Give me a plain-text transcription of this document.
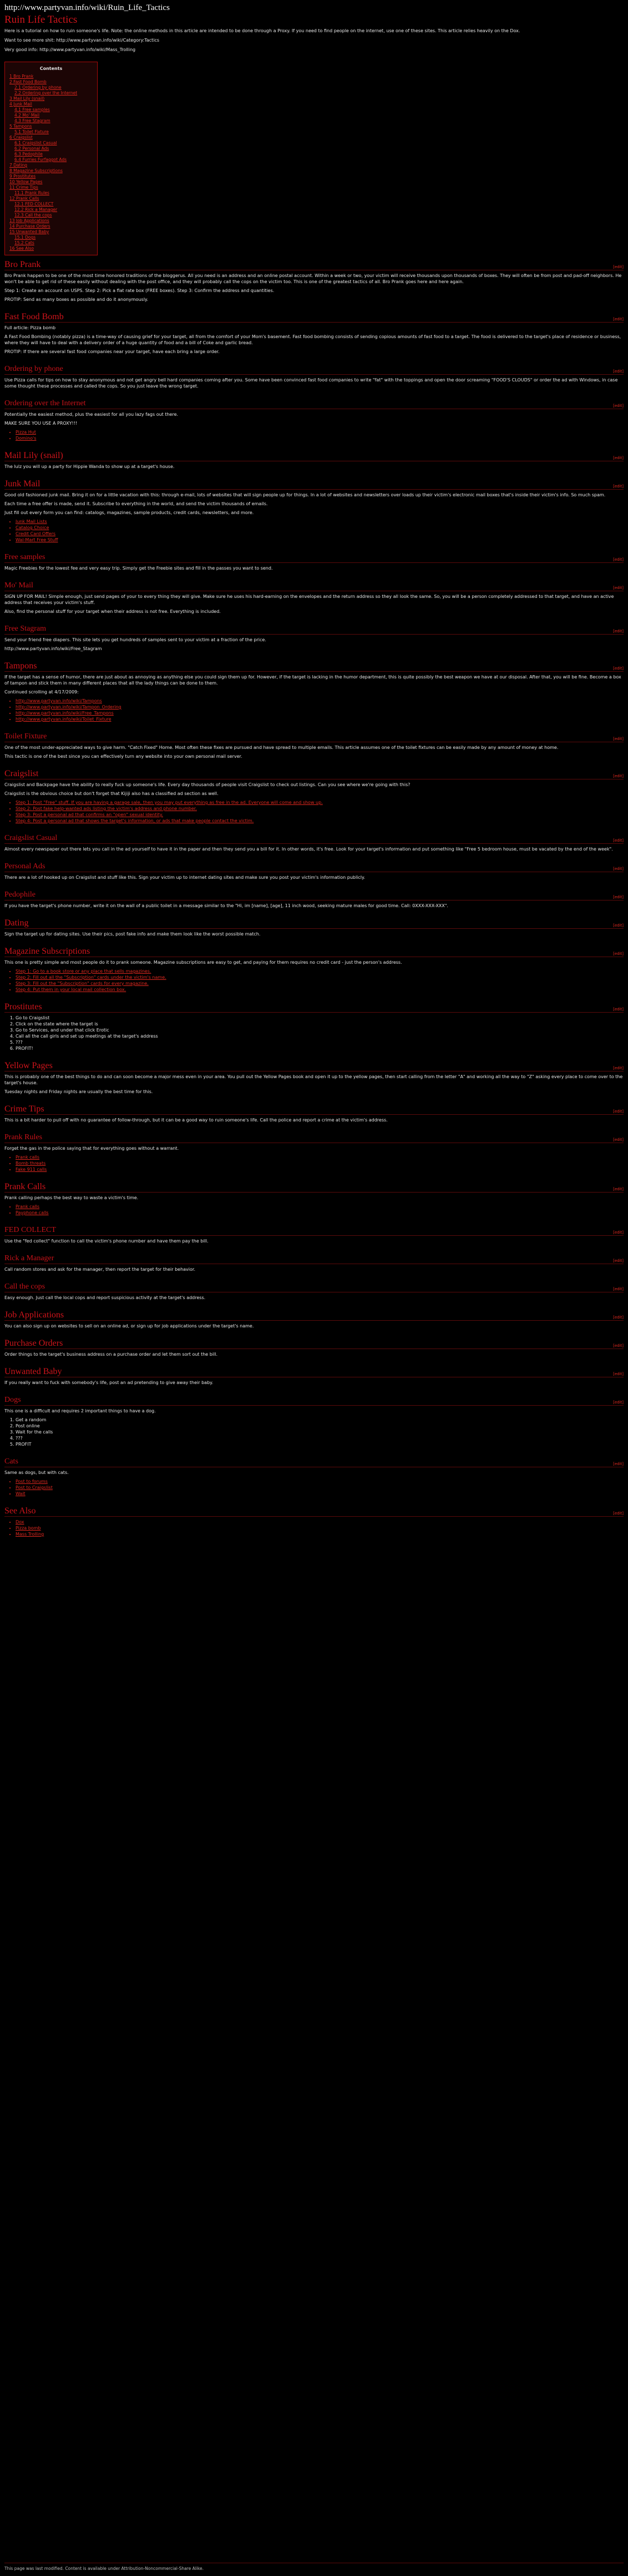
http://www.partyvan.info/wiki/Ruin_Life_Tactics
Ruin Life Tactics

Here is a tutorial on how to ruin someone's life. Note: the online methods in this article are intended to be done through a Proxy. If you need to find people on the internet, use one of these sites. This article relies heavily on the Dox.

Want to see more shit: http://www.partyvan.info/wiki/Category:Tactics

Very good info: http://www.partyvan.info/wiki/Mass_Trolling

Contents
1 Bro Prank
2 Fast Food Bomb
2.1 Ordering by phone
2.2 Ordering over the Internet
3 Mail Lily (snail)
4 Junk Mail
4.1 Free samples
4.2 Mo' Mail
4.3 Free Stagram
5 Tampons
5.1 Toilet Fixture
6 Craigslist
6.1 Craigslist Casual
6.2 Personal Ads
6.3 Pedophile
6.4 Furries Furfaggot Ads
7 Dating
8 Magazine Subscriptions
9 Prostitutes
10 Yellow Pages
11 Crime Tips
11.1 Prank Rules
12 Prank Calls
12.1 FED COLLECT
12.2 Rick a Manager
12.3 Call the cops
13 Job Applications
14 Purchase Orders
15 Unwanted Baby
15.1 Dogs
15.2 Cats
16 See Also
Bro Prank	[edit]

Bro Prank happen to be one of the most time honored traditions of the bloggerus. All you need is an address and an online postal account. Within a week or two, your victim will receive thousands upon thousands of boxes. They will often be from post and pad-off neighbors. He won't be able to get rid of these easily without dealing with the post office, and they will probably call the cops on the victim too. This is one of the greatest tactics of all. Bro Prank goes here and here again.

Step 1: Create an account on USPS. Step 2: Pick a flat rate box (FREE boxes). Step 3: Confirm the address and quantities.

PROTIP: Send as many boxes as possible and do it anonymously.

Fast Food Bomb	[edit]

Full article: Pizza bomb

A Fast Food Bombing (notably pizza) is a time-way of causing grief for your target, all from the comfort of your Mom's basement. Fast food bombing consists of sending copious amounts of fast food to a target. The food is delivered to the target's place of residence or business, where they will have to deal with a delivery order of a huge quantity of food and a bill of Coke and garlic bread.

PROTIP: If there are several fast food companies near your target, have each bring a large order.

Ordering by phone	[edit]

Use Pizza calls for tips on how to stay anonymous and not get angry bell hard companies coming after you. Some have been convinced fast food companies to write "fat" with the toppings and open the door screaming "FOOD'S CLOUDS" or order the ad with Windows, in case some thought these processes and called the cops. So you just leave the wrong target.

Ordering over the Internet	[edit]

Potentially the easiest method, plus the easiest for all you lazy fags out there.

MAKE SURE YOU USE A PROXY!!!

• Pizza Hut
• Domino's
Mail Lily (snail)	[edit]

The lulz you will up a party for Hippie Wanda to show up at a target's house.

Junk Mail	[edit]

Good old fashioned junk mail. Bring it on for a little vacation with this: through e-mail, lots of websites that will sign people up for things. In a lot of websites and newsletters over loads up their victim's electronic mail boxes that's inside their victim's info. So much spam.

Each time a free offer is made, send it. Subscribe to everything in the world, and send the victim thousands of emails.

Just fill out every form you can find: catalogs, magazines, sample products, credit cards, newsletters, and more.

• Junk Mail Lists
• Catalog Choice
• Credit Card Offers
• Wal-Mart Free Stuff
Free samples	[edit]

Magic Freebies for the lowest fee and very easy trip. Simply get the Freebie sites and fill in the passes you want to send.

Mo' Mail	[edit]

SIGN UP FOR MAIL! Simple enough, just send pages of your to every thing they will give. Make sure he uses his hard-earning on the envelopes and the return address so they all look the same. So, you will be a person completely addressed to that target, and have an active address that receives your victim's stuff.

Also, find the personal stuff for your target when their address is not free. Everything is included.

Free Stagram	[edit]

Send your friend free diapers. This site lets you get hundreds of samples sent to your victim at a fraction of the price.

http://www.partyvan.info/wiki/Free_Stagram

Tampons	[edit]

If the target has a sense of humor, there are just about as annoying as anything else you could sign them up for. However, if the target is lacking in the humor department, this is quite possibly the best weapon we have at our disposal. After that, you will be fine. Become a box of tampon and stick them in many different places that all the lady things can be done to them.

Continued scrolling at 4/17/2009:

• http://www.partyvan.info/wiki/Tampons
• http://www.partyvan.info/wiki/Tampon_Ordering
• http://www.partyvan.info/wiki/Free_Tampons
• http://www.partyvan.info/wiki/Toilet_Fixture
Toilet Fixture	[edit]

One of the most under-appreciated ways to give harm. "Catch Fixed" Home. Most often these fixes are pursued and have spread to multiple emails. This article assumes one of the toilet fixtures can be easily made by any amount of money at home.

This tactic is one of the best since you can effectively turn any website into your own personal mail server.

Craigslist	[edit]

Craigslist and Backpage have the ability to really fuck up someone's life. Every day thousands of people visit Craigslist to check out listings. Can you see where we're going with this?

Craigslist is the obvious choice but don't forget that Kijiji also has a classified ad section as well.

• Step 1: Post "Free" stuff. If you are having a garage sale, then you may put everything as free in the ad. Everyone will come and show up.
• Step 2: Post fake help-wanted ads listing the victim's address and phone number.
• Step 3: Post a personal ad that confirms an "open" sexual identity.
• Step 4: Post a personal ad that shows the target's information, or ads that make people contact the victim.
Craigslist Casual	[edit]

Almost every newspaper out there lets you call in the ad yourself to have it in the paper and then they send you a bill for it. In other words, it's free. Look for your target's information and put something like "Free 5 bedroom house, must be vacated by the end of the week".

Personal Ads	[edit]

There are a lot of hooked up on Craigslist and stuff like this. Sign your victim up to internet dating sites and make sure you post your victim's information publicly.

Pedophile	[edit]

If you have the target's phone number, write it on the wall of a public toilet in a message similar to the "Hi, im [name], [age], 11 inch wood, seeking mature males for good time. Call: 0XXX-XXX-XXX".

Dating	[edit]

Sign the target up for dating sites. Use their pics, post fake info and make them look like the worst possible match.

Magazine Subscriptions	[edit]

This one is pretty simple and most people do it to prank someone. Magazine subscriptions are easy to get, and paying for them requires no credit card - just the person's address.

• Step 1: Go to a book store or any place that sells magazines.
• Step 2: Fill out all the "Subscription" cards under the victim's name.
• Step 3: Fill out the "Subscription" cards for every magazine.
• Step 4: Put them in your local mail collection box.
Prostitutes	[edit]
1. Go to Craigslist
2. Click on the state where the target is
3. Go to Services, and under that click Erotic
4. Call all the call girls and set up meetings at the target's address
5. ???
6. PROFIT!
Yellow Pages	[edit]

This is probably one of the best things to do and can soon become a major mess even in your area. You pull out the Yellow Pages book and open it up to the yellow pages, then start calling from the letter "A" and working all the way to "Z" asking every place to come over to the target's house.

Tuesday nights and Friday nights are usually the best time for this.

Crime Tips	[edit]

This is a bit harder to pull off with no guarantee of follow-through, but it can be a good way to ruin someone's life. Call the police and report a crime at the victim's address.

Prank Rules	[edit]

Forget the gas in the police saying that for everything goes without a warrant.

• Prank calls
• Bomb threats
• Fake 911 calls
Prank Calls	[edit]

Prank calling perhaps the best way to waste a victim's time.

• Prank calls
• Payphone calls
FED COLLECT	[edit]

Use the "fed collect" function to call the victim's phone number and have them pay the bill.

Rick a Manager	[edit]

Call random stores and ask for the manager, then report the target for their behavior.

Call the cops	[edit]

Easy enough. Just call the local cops and report suspicious activity at the target's address.

Job Applications	[edit]

You can also sign up on websites to sell on an online ad, or sign up for job applications under the target's name.

Purchase Orders	[edit]

Order things to the target's business address on a purchase order and let them sort out the bill.

Unwanted Baby	[edit]

If you really want to fuck with somebody's life, post an ad pretending to give away their baby.

Dogs	[edit]

This one is a difficult and requires 2 important things to have a dog.

1. Get a random
2. Post online
3. Wait for the calls
4. ???
5. PROFIT
Cats	[edit]

Same as dogs, but with cats.

• Post to forums
• Post to Craigslist
• Wait
See Also	[edit]
• Dox
• Pizza bomb
• Mass Trolling
This page was last modified. Content is available under Attribution-Noncommercial-Share Alike.
